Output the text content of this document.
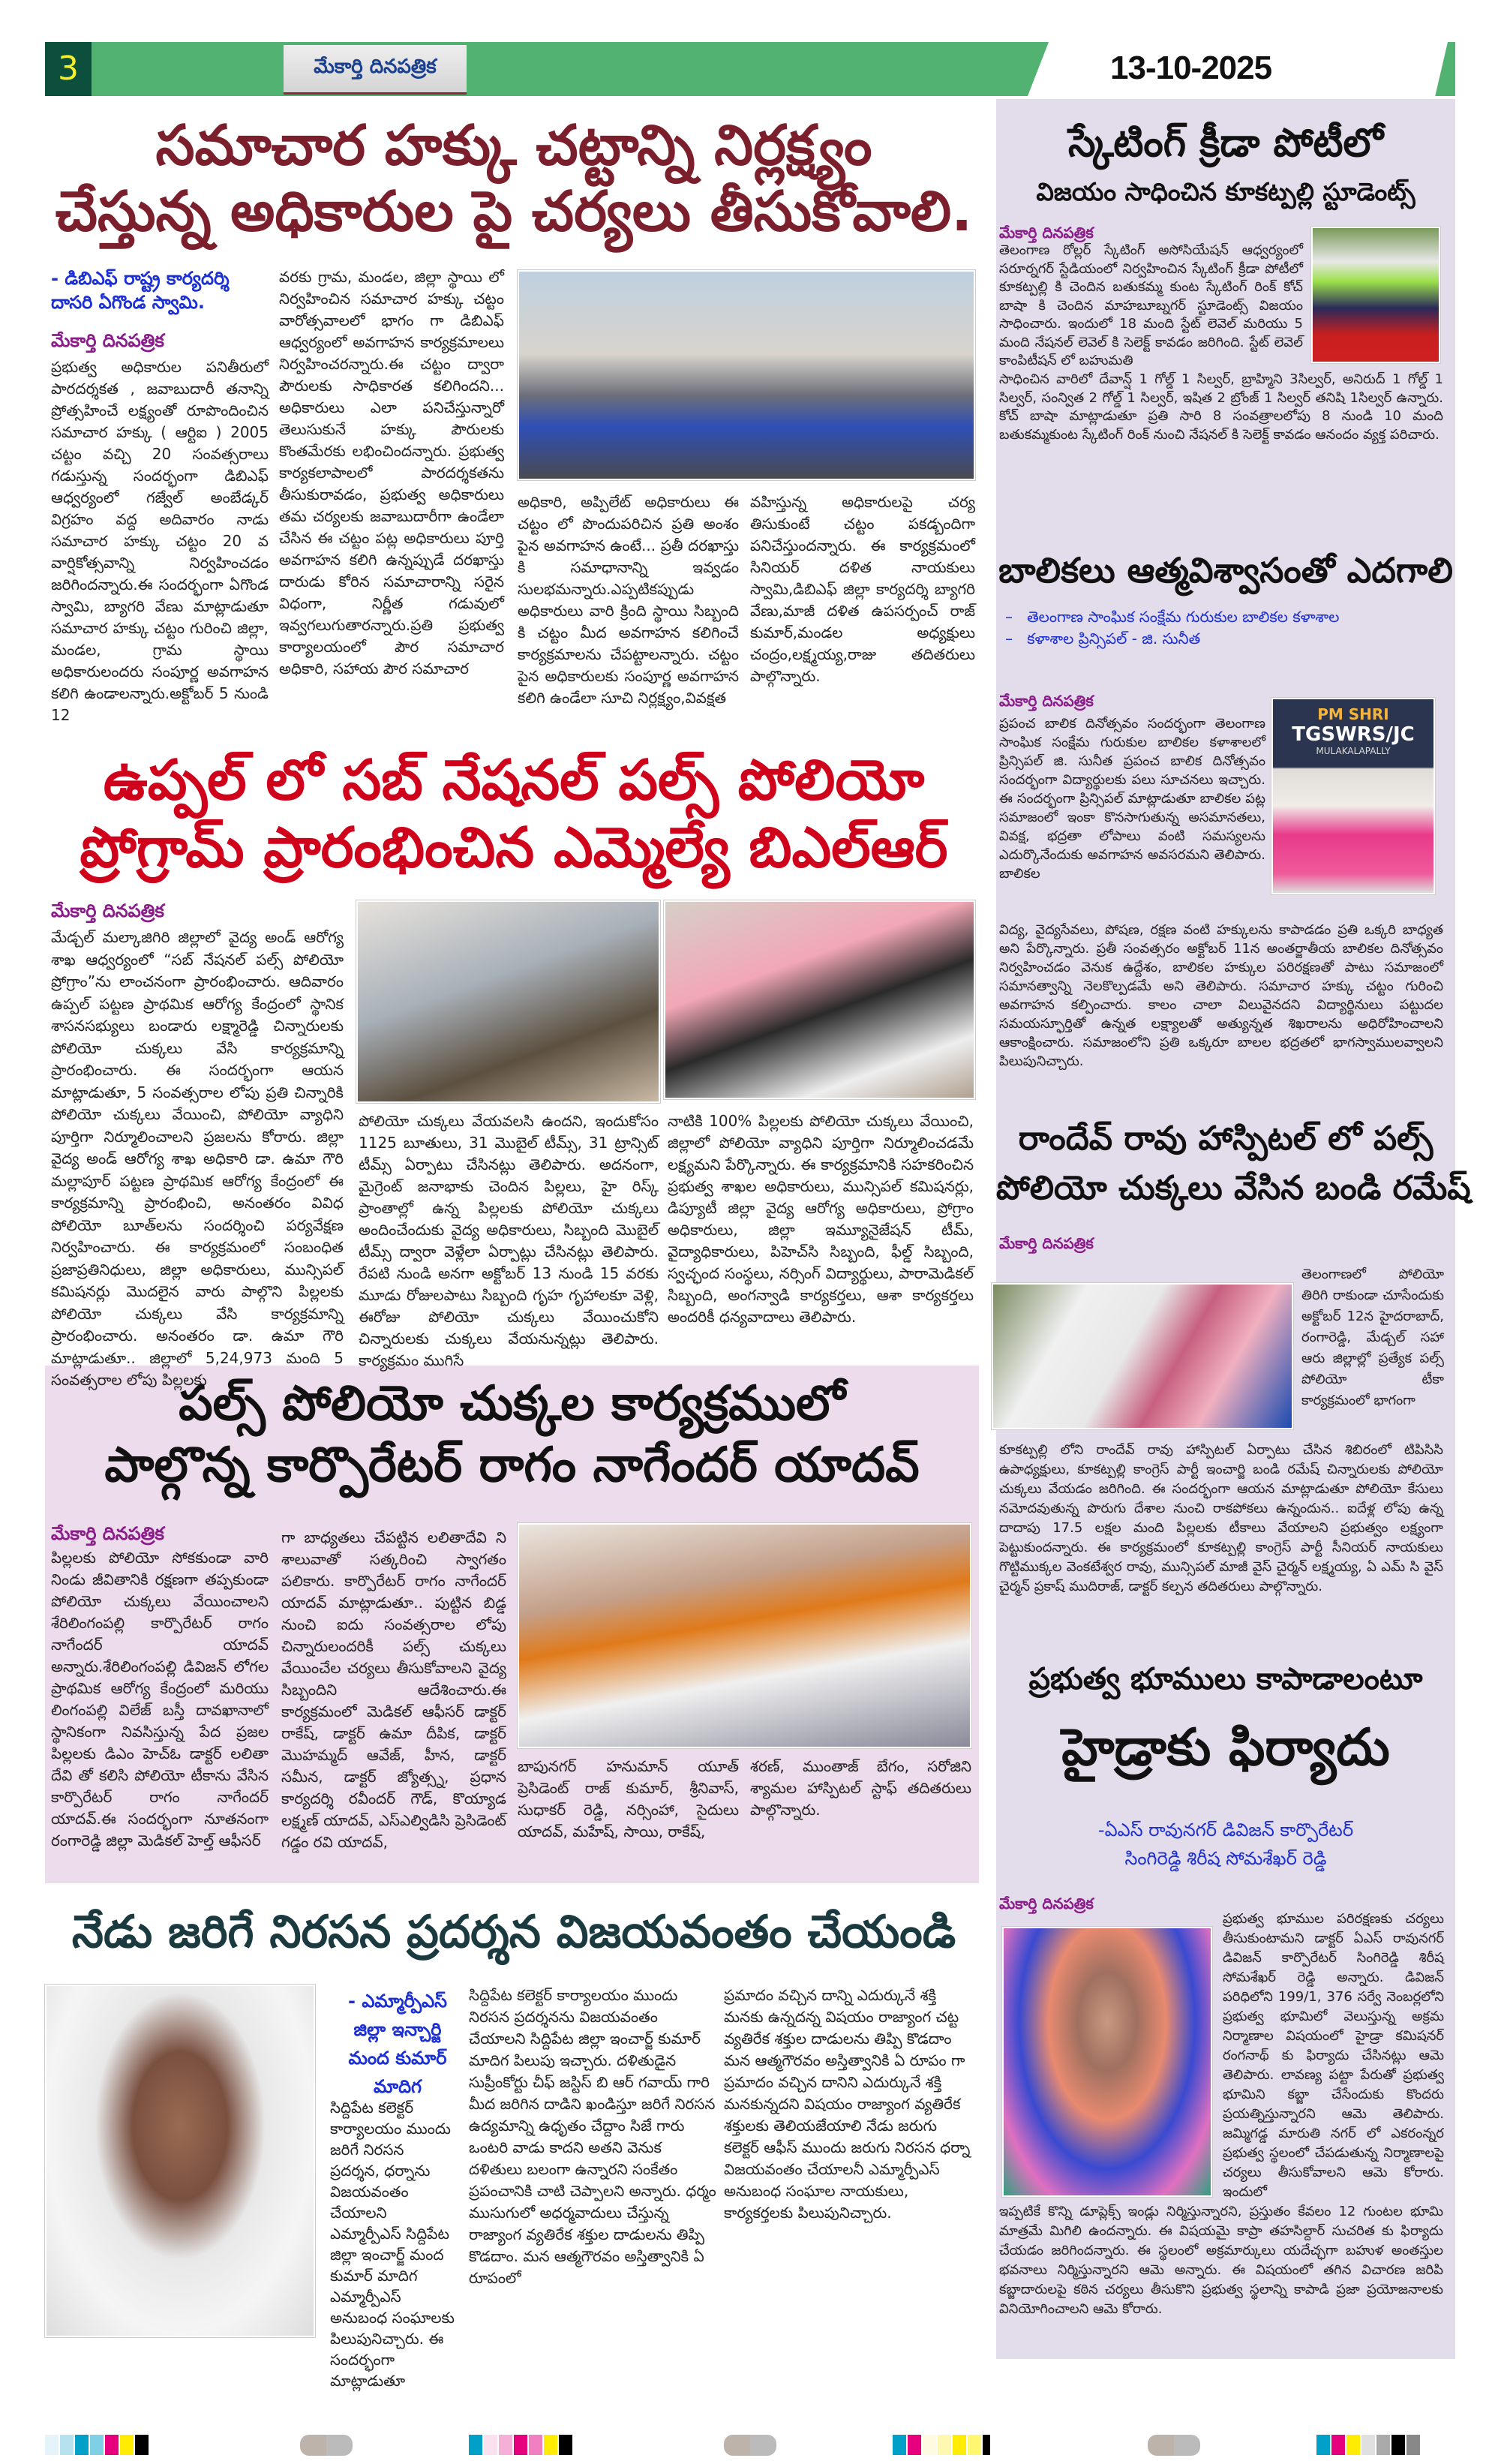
3	మేకార్తి దినపత్రిక	13-10-2025
సమాచార హక్కు చట్టాన్ని నిర్లక్ష్యం
చేస్తున్న అధికారుల పై చర్యలు తీసుకోవాలి.
- డిబిఎఫ్ రాష్ట్ర కార్యదర్శి దాసరి ఏగొండ స్వామి.
మేకార్తి దినపత్రిక
ప్రభుత్వ అధికారుల పనితీరులో పారదర్శకత , జవాబుదారీ తనాన్ని ప్రోత్సహించే లక్ష్యంతో రూపొందించిన సమాచార హక్కు ( ఆర్టిఐ ) 2005 చట్టం వచ్చి 20 సంవత్సరాలు గడుస్తున్న సందర్భంగా డిబిఎఫ్ ఆధ్వర్యంలో గజ్వేల్ అంబేడ్కర్ విగ్రహం వద్ద అదివారం నాడు సమాచార హక్కు చట్టం 20 వ వార్షికోత్సవాన్ని నిర్వహించడం జరిగిందన్నారు.ఈ సందర్భంగా ఏగొండ స్వామి, బ్యాగరి వేణు మాట్లాడుతూ సమాచార హక్కు చట్టం గురించి జిల్లా, మండల, గ్రామ స్థాయి అధికారులందరు సంపూర్ణ అవగాహన కలిగి ఉండాలన్నారు.అక్టోబర్ 5 నుండి 12
వరకు గ్రామ, మండల, జిల్లా స్థాయి లో నిర్వహించిన సమాచార హక్కు చట్టం వారోత్సవాలలో భాగం గా డిబిఎఫ్ ఆధ్వర్యంలో అవగాహన కార్యక్రమాలలు నిర్వహించరన్నారు.ఈ చట్టం ద్వారా పౌరులకు సాధికారత కలిగిందని... అధికారులు ఎలా పనిచేస్తున్నారో తెలుసుకునే హక్కు పౌరులకు కొంతమేరకు లభించిందన్నారు. ప్రభుత్వ కార్యకలాపాలలో పారదర్శకతను తీసుకురావడం, ప్రభుత్వ అధికారులు తమ చర్యలకు జవాబుదారీగా ఉండేలా చేసిన ఈ చట్టం పట్ల అధికారులు పూర్తి అవగాహన కలిగి ఉన్నప్పుడే దరఖాస్తు దారుడు కోరిన సమాచారాన్ని సరైన విధంగా, నిర్ణీత గడువులో ఇవ్వగలుగుతారన్నారు.ప్రతి ప్రభుత్వ కార్యాలయంలో పౌర సమాచార అధికారి, సహాయ పౌర సమాచార
అధికారి, అప్పిలేట్ అధికారులు ఈ చట్టం లో పొందుపరిచిన ప్రతి అంశం పైన అవగాహన ఉంటే... ప్రతీ దరఖాస్తు కి సమాధానాన్ని ఇవ్వడం సులభమన్నారు.ఎప్పటికప్పుడు అధికారులు వారి క్రింది స్థాయి సిబ్బంది కి చట్టం మీద అవగాహన కలిగించే కార్యక్రమాలను చేపట్టాలన్నారు. చట్టం పైన అధికారులకు సంపూర్ణ అవగాహన కలిగి ఉండేలా సూచి నిర్లక్ష్యం,వివక్షత
వహిస్తున్న అధికారులపై చర్య తిసుకుంటే చట్టం పకడ్బందిగా పనిచేస్తుందన్నారు. ఈ కార్యక్రమంలో సినియర్ దళిత నాయకులు స్వామి,డిబిఎఫ్ జిల్లా కార్యదర్శి బ్యాగరి వేణు,మాజీ దళిత ఉపసర్పంచ్ రాజ్ కుమార్,మండల అధ్యక్షులు చంద్రం,లక్ష్మయ్య,రాజు తదితరులు పాల్గొన్నారు.
ఉప్పల్ లో సబ్ నేషనల్ పల్స్ పోలియో
ప్రోగ్రామ్ ప్రారంభించిన ఎమ్మెల్యే బిఎల్ఆర్
మేకార్తి దినపత్రిక
మేడ్చల్ మల్కాజిగిరి జిల్లాలో వైద్య అండ్ ఆరోగ్య శాఖ ఆధ్వర్యంలో “సబ్ నేషనల్ పల్స్ పోలియో ప్రోగ్రాం”ను లాంచనంగా ప్రారంభించారు. ఆదివారం ఉప్పల్ పట్టణ ప్రాథమిక ఆరోగ్య కేంద్రంలో స్థానిక శాసనసభ్యులు బండారు లక్ష్మారెడ్డి చిన్నారులకు పోలియో చుక్కలు వేసి కార్యక్రమాన్ని ప్రారంభించారు. ఈ సందర్భంగా ఆయన మాట్లాడుతూ, 5 సంవత్సరాల లోపు ప్రతి చిన్నారికి పోలియో చుక్కలు వేయించి, పోలియో వ్యాధిని పూర్తిగా నిర్మూలించాలని ప్రజలను కోరారు. జిల్లా వైద్య అండ్ ఆరోగ్య శాఖ అధికారి డా. ఉమా గౌరి మల్లాపూర్ పట్టణ ప్రాథమిక ఆరోగ్య కేంద్రంలో ఈ కార్యక్రమాన్ని ప్రారంభించి, అనంతరం వివిధ పోలియో బూత్‌లను సందర్శించి పర్యవేక్షణ నిర్వహించారు. ఈ కార్యక్రమంలో సంబంధిత ప్రజాప్రతినిధులు, జిల్లా అధికారులు, మున్సిపల్ కమిషనర్లు మొదలైన వారు పాల్గొని పిల్లలకు పోలియో చుక్కలు వేసి కార్యక్రమాన్ని ప్రారంభించారు. అనంతరం డా. ఉమా గౌరి మాట్లాడుతూ.. జిల్లాలో 5,24,973 మంది 5 సంవత్సరాల లోపు పిల్లలకు
పోలియో చుక్కలు వేయవలసి ఉందని, ఇందుకోసం 1125 బూతులు, 31 మొబైల్ టీమ్స్, 31 ట్రాన్సిట్ టీమ్స్ ఏర్పాటు చేసినట్లు తెలిపారు. అదనంగా, మైగ్రెంట్ జనాభాకు చెందిన పిల్లలు, హై రిస్క్ ప్రాంతాల్లో ఉన్న పిల్లలకు పోలియో చుక్కలు అందించేందుకు వైద్య అధికారులు, సిబ్బంది మొబైల్ టీమ్స్ ద్వారా వెళ్లేలా ఏర్పాట్లు చేసినట్లు తెలిపారు. రేపటి నుండి అనగా అక్టోబర్ 13 నుండి 15 వరకు మూడు రోజులపాటు సిబ్బంది గృహ గృహాలకూ వెళ్లి, ఈరోజు పోలియో చుక్కలు వేయించుకోని చిన్నారులకు చుక్కలు వేయనున్నట్లు తెలిపారు. కార్యక్రమం ముగిసే
నాటికి 100% పిల్లలకు పోలియో చుక్కలు వేయించి, జిల్లాలో పోలియో వ్యాధిని పూర్తిగా నిర్మూలించడమే లక్ష్యమని పేర్కొన్నారు. ఈ కార్యక్రమానికి సహకరించిన ప్రభుత్వ శాఖల అధికారులు, మున్సిపల్ కమిషనర్లు, డిప్యూటీ జిల్లా వైద్య ఆరోగ్య అధికారులు, ప్రోగ్రాం అధికారులు, జిల్లా ఇమ్యూనైజేషన్ టీమ్, వైద్యాధికారులు, పిహెచ్‌సి సిబ్బంది, ఫీల్డ్ సిబ్బంది, స్వచ్ఛంద సంస్థలు, నర్సింగ్ విద్యార్థులు, పారామెడికల్ సిబ్బంది, అంగన్వాడి కార్యకర్తలు, ఆశా కార్యకర్తలు అందరికీ ధన్యవాదాలు తెలిపారు.
పల్స్ పోలియో చుక్కల కార్యక్రములో
పాల్గొన్న కార్పొరేటర్ రాగం నాగేందర్ యాదవ్
మేకార్తి దినపత్రిక
పిల్లలకు పోలియో సోకకుండా వారి నిండు జీవితానికి రక్షణగా తప్పకుండా పోలియో చుక్కలు వేయించాలని శేరిలింగంపల్లి కార్పొరేటర్ రాగం నాగేందర్ యాదవ్ అన్నారు.శేరిలింగంపల్లి డివిజన్ లోగల ప్రాథమిక ఆరోగ్య కేంద్రంలో మరియు లింగంపల్లి విలేజ్ బస్తీ దావఖానాలో స్థానికంగా నివసిస్తున్న పేద ప్రజల పిల్లలకు డిఎం హెచ్ఓ డాక్టర్ లలితా దేవి తో కలిసి పోలియో టీకాను వేసిన కార్పొరేటర్ రాగం నాగేందర్ యాదవ్.ఈ సందర్భంగా నూతనంగా రంగారెడ్డి జిల్లా మెడికల్ హెల్త్ ఆఫీసర్
గా బాధ్యతలు చేపట్టిన లలితాదేవి ని శాలువాతో సత్కరించి స్వాగతం పలికారు. కార్పొరేటర్ రాగం నాగేందర్ యాదవ్ మాట్లాడుతూ.. పుట్టిన బిడ్డ నుంచి ఐదు సంవత్సరాల లోపు చిన్నారులందరికీ పల్స్ చుక్కలు వేయించేల చర్యలు తీసుకోవాలని వైద్య సిబ్బందిని ఆదేశించారు.ఈ కార్యక్రమంలో మెడికల్ ఆఫీసర్ డాక్టర్ రాకేష్, డాక్టర్ ఉమా దీపిక, డాక్టర్ మొహమ్మద్ ఆవేజ్, హీన, డాక్టర్ సమీన, డాక్టర్ జ్యోత్స్న, ప్రధాన కార్యదర్శి రవీందర్ గౌడ్, కొయ్యాడ లక్ష్మణ్ యాదవ్, ఎస్ఎల్విడిసి ప్రెసిడెంట్ గడ్డం రవి యాదవ్,
బాపునగర్ హనుమాన్ యూత్ ప్రెసిడెంట్ రాజ్ కుమార్, శ్రీనివాస్, సుధాకర్ రెడ్డి, నర్సింహా, సైదులు యాదవ్, మహేష్, సాయి, రాకేష్,
శరణ్, ముంతాజ్ బేగం, సరోజిని శ్యామల హాస్పిటల్ స్టాఫ్ తదితరులు పాల్గొన్నారు.
నేడు జరిగే నిరసన ప్రదర్శన విజయవంతం చేయండి
- ఎమ్మార్పీఎస్ జిల్లా ఇన్చార్జి మంద కుమార్ మాదిగ
సిద్దిపేట కలెక్టర్ కార్యాలయం ముందు జరిగే నిరసన ప్రదర్శన, ధర్నాను విజయవంతం చేయాలని ఎమ్మార్పీఎస్ సిద్దిపేట జిల్లా ఇంచార్జ్ మంద కుమార్ మాదిగ ఎమ్మార్పీఎస్ అనుబంధ సంఘాలకు పిలుపునిచ్చారు. ఈ సందర్భంగా మాట్లాడుతూ
సిద్దిపేట కలెక్టర్ కార్యాలయం ముందు నిరసన ప్రదర్శనను విజయవంతం చేయాలని సిద్దిపేట జిల్లా ఇంచార్జ్ కుమార్ మాదిగ పిలుపు ఇచ్చారు. దళితుడైన సుప్రీంకోర్టు చీఫ్ జస్టిస్ బి ఆర్ గవాయ్ గారి మీద జరిగిన దాడిని ఖండిస్తూ జరిగే నిరసన ఉద్యమాన్ని ఉధృతం చేద్దాం సిజే గారు ఒంటరి వాడు కాదని అతని వెనుక దళితులు బలంగా ఉన్నారని సంకేతం ప్రపంచానికి చాటి చెప్పాలని అన్నారు. ధర్మం ముసుగులో అధర్మవాదులు చేస్తున్న రాజ్యాంగ వ్యతిరేక శక్తుల దాడులను తిప్పి కొడదాం. మన ఆత్మగౌరవం అస్తిత్వానికి ఏ రూపంలో
ప్రమాదం వచ్చిన దాన్ని ఎదుర్కునే శక్తి మనకు ఉన్నదన్న విషయం రాజ్యాంగ చట్ట వ్యతిరేక శక్తుల దాడులను తిప్పి కొడదాం మన ఆత్మగౌరవం అస్తిత్వానికి ఏ రూపం గా ప్రమాదం వచ్చిన దానిని ఎదుర్కునే శక్తి మనకున్నదని విషయం రాజ్యాంగ వ్యతిరేక శక్తులకు తెలియజేయాలి నేడు జరుగు కలెక్టర్ ఆఫీస్ ముందు జరుగు నిరసన ధర్నా విజయవంతం చేయాలనీ ఎమ్మార్పీఎస్ అనుబంధ సంఘాల నాయకులు, కార్యకర్తలకు పిలుపునిచ్చారు.
స్కేటింగ్ క్రీడా పోటీలో
విజయం సాధించిన కూకట్పల్లి స్టూడెంట్స్
మేకార్తి దినపత్రిక
తెలంగాణ రోల్లర్ స్కేటింగ్ అసోసియేషన్ ఆధ్వర్యంలో సరూర్నగర్ స్టేడియంలో నిర్వహించిన స్కేటింగ్ క్రీడా పోటీలో కూకట్పల్లి కి చెందిన బతుకమ్మ కుంట స్కేటింగ్ రింక్ కోచ్ బాషా కి చెందిన మాహబూబ్నగర్ స్టూడెంట్స్ విజయం సాధించారు. ఇందులో 18 మంది స్టేట్ లెవెల్ మరియు 5 మంది నేషనల్ లెవెల్ కి సెలెక్ట్ కావడం జరిగింది. స్టేట్ లెవెల్ కాంపిటీషన్ లో బహుమతి
సాధించిన వారిలో దేవాన్ష్ 1 గోల్డ్ 1 సిల్వర్, బ్రాహ్మిని 3సిల్వర్, అనిరుద్ 1 గోల్డ్ 1 సిల్వర్, సంన్విత 2 గోల్డ్ 1 సిల్వర్, ఇషిత 2 బ్రోంజ్ 1 సిల్వర్ తనిషి 1సిల్వర్ ఉన్నారు. కోచ్ బాషా మాట్లాడుతూ ప్రతి సారి 8 సంవత్రాలలోపు 8 నుండి 10 మంది బతుకమ్మకుంట స్కేటింగ్ రింక్ నుంచి నేషనల్ కి సెలెక్ట్ కావడం ఆనందం వ్యక్త పరిచారు.
బాలికలు ఆత్మవిశ్వాసంతో ఎదగాలి
–   తెలంగాణ సాంఘిక సంక్షేమ గురుకుల బాలికల కళాశాల
–   కళాశాల ప్రిన్సిపల్ - జి. సునీత
మేకార్తి దినపత్రిక
PM SHRI
TGSWRS/JC
MULAKALAPALLY
ప్రపంచ బాలిక దినోత్సవం సందర్భంగా తెలంగాణ సాంఘిక సంక్షేమ గురుకుల బాలికల కళాశాలలో ప్రిన్సిపల్ జి. సునీత ప్రపంచ బాలిక దినోత్సవం సందర్భంగా విద్యార్థులకు పలు సూచనలు ఇచ్చారు. ఈ సందర్భంగా ప్రిన్సిపల్ మాట్లాడుతూ బాలికల పట్ల సమాజంలో ఇంకా కొనసాగుతున్న అసమానతలు, వివక్ష, భద్రతా లోపాలు వంటి సమస్యలను ఎదుర్కొనేందుకు అవగాహన అవసరమని తెలిపారు. బాలికల
విద్య, వైద్యసేవలు, పోషణ, రక్షణ వంటి హక్కులను కాపాడడం ప్రతి ఒక్కరి బాధ్యత అని పేర్కొన్నారు. ప్రతీ సంవత్సరం అక్టోబర్ 11న అంతర్జాతీయ బాలికల దినోత్సవం నిర్వహించడం వెనుక ఉద్దేశం, బాలికల హక్కుల పరిరక్షణతో పాటు సమాజంలో సమానత్వాన్ని నెలకొల్పడమే అని తెలిపారు. సమాచార హక్కు చట్టం గురించి అవగాహన కల్పించారు. కాలం చాలా విలువైనదని విద్యార్థినులు పట్టుదల సమయస్ఫూర్తితో ఉన్నత లక్ష్యాలతో అత్యున్నత శిఖరాలను అధిరోహించాలని ఆకాంక్షించారు. సమాజంలోని ప్రతి ఒక్కరూ బాలల భద్రతలో భాగస్వాములవ్వాలని పిలుపునిచ్చారు.
రాందేవ్ రావు హాస్పిటల్ లో పల్స్
పోలియో చుక్కలు వేసిన బండి రమేష్
మేకార్తి దినపత్రిక
తెలంగాణలో పోలియో తిరిగి రాకుండా చూసేందుకు అక్టోబర్ 12న హైదరాబాద్, రంగారెడ్డి, మేడ్చల్ సహా ఆరు జిల్లాల్లో ప్రత్యేక పల్స్ పోలియో టీకా కార్యక్రమంలో భాగంగా
కూకట్పల్లి లోని రాందేవ్ రావు హాస్పిటల్ ఏర్పాటు చేసిన శిబిరంలో టిపిసిసి ఉపాధ్యక్షులు, కూకట్పల్లి కాంగ్రెస్ పార్టీ ఇంచార్జి బండి రమేష్ చిన్నారులకు పోలియో చుక్కలు వేయడం జరిగింది. ఈ సందర్భంగా ఆయన మాట్లాడుతూ పోలియో కేసులు నమోదవుతున్న పొరుగు దేశాల నుంచి రాకపోకలు ఉన్నందున.. ఐదేళ్ల లోపు ఉన్న దాదాపు 17.5 లక్షల మంది పిల్లలకు టీకాలు వేయాలని ప్రభుత్వం లక్ష్యంగా పెట్టుకుందన్నారు. ఈ కార్యక్రమంలో కూకట్పల్లి కాంగ్రెస్ పార్టీ సీనియర్ నాయకులు గొట్టిముక్కల వెంకటేశ్వర రావు, మున్సిపల్ మాజీ వైస్ చైర్మన్ లక్ష్మయ్య, ఏ ఎమ్ సి వైస్ చైర్మన్ ప్రకాష్ ముదిరాజ్, డాక్టర్ కల్పన తదితరులు పాల్గొన్నారు.
ప్రభుత్వ భూములు కాపాడాలంటూ
హైడ్రాకు ఫిర్యాదు
-ఏఎస్ రావునగర్ డివిజన్ కార్పొరేటర్
సింగిరెడ్డి శిరీష సోమశేఖర్ రెడ్డి
మేకార్తి దినపత్రిక
ప్రభుత్వ భూముల పరిరక్షణకు చర్యలు తీసుకుంటామని డాక్టర్ ఏఎస్ రావునగర్ డివిజన్ కార్పొరేటర్ సింగిరెడ్డి శిరీష సోమశేఖర్ రెడ్డి అన్నారు. డివిజన్ పరిధిలోని 199/1, 376 సర్వే నెంబర్లలోని ప్రభుత్వ భూమిలో వెలుస్తున్న అక్రమ నిర్మాణాల విషయంలో హైడ్రా కమిషనర్ రంగనాథ్ కు ఫిర్యాదు చేసినట్లు ఆమె తెలిపారు. లావణ్య పట్టా పేరుతో ప్రభుత్వ భూమిని కబ్జా చేసేందుకు కొందరు ప్రయత్నిస్తున్నారని ఆమె తెలిపారు. జమ్మిగడ్డ మారుతి నగర్ లో ఎకరంన్నర ప్రభుత్వ స్థలంలో చేపడుతున్న నిర్మాణాలపై చర్యలు తీసుకోవాలని ఆమె కోరారు. ఇందులో
ఇప్పటికే కొన్ని డూప్లెక్స్ ఇండ్లు నిర్మిస్తున్నారని, ప్రస్తుతం కేవలం 12 గుంటల భూమి మాత్రమే మిగిలి ఉందన్నారు. ఈ విషయమై కాప్రా తహసిల్దార్ సుచరిత కు ఫిర్యాదు చేయడం జరిగిందన్నారు. ఈ స్థలంలో అక్రమార్కులు యదేచ్ఛగా బహుళ అంతస్తుల భవనాలు నిర్మిస్తున్నారని ఆమె అన్నారు. ఈ విషయంలో తగిన విచారణ జరిపి కబ్జాదారులపై కఠిన చర్యలు తీసుకొని ప్రభుత్వ స్థలాన్ని కాపాడి ప్రజా ప్రయోజనాలకు వినియోగించాలని ఆమె కోరారు.
